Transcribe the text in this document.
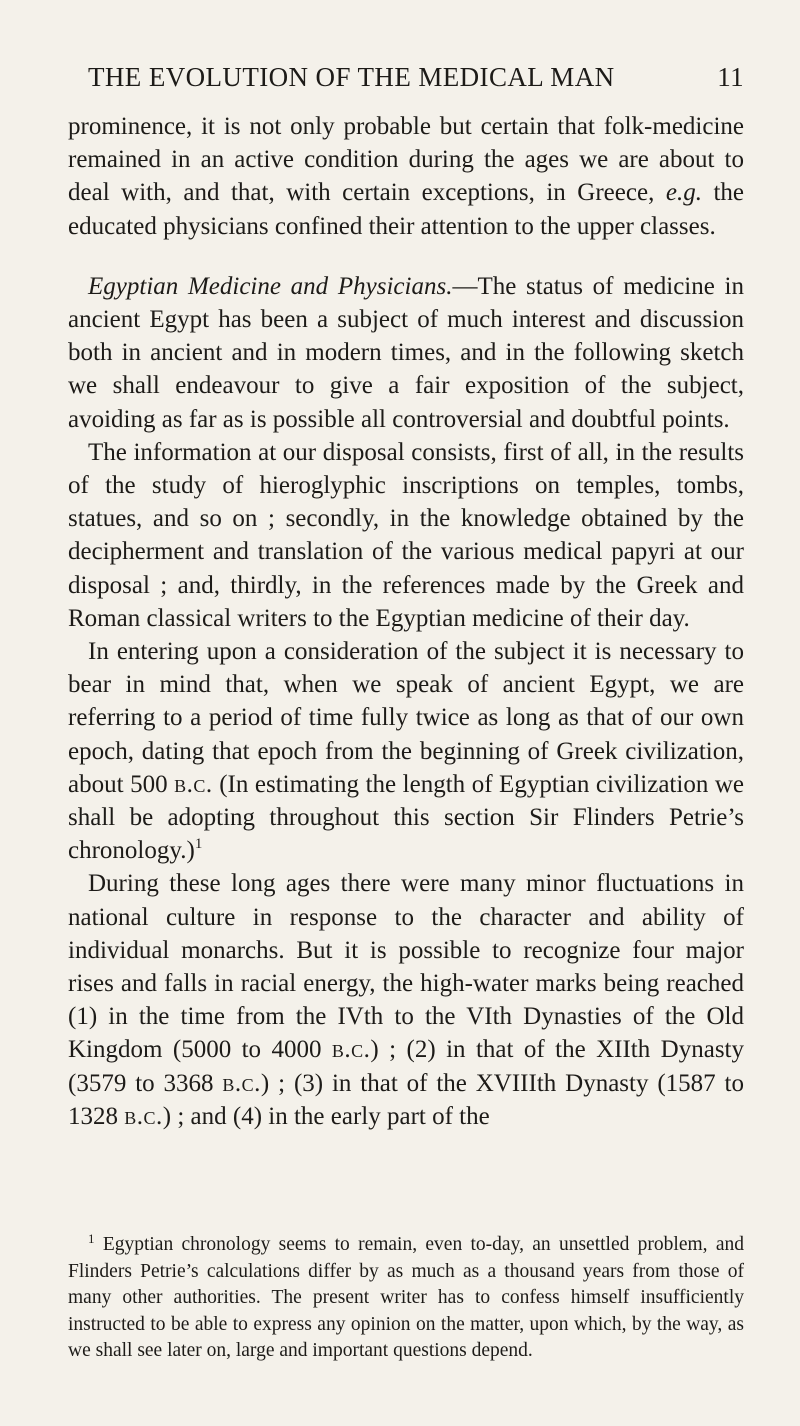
THE EVOLUTION OF THE MEDICAL MAN	11

prominence, it is not only probable but certain that folk-medicine remained in an active condition during the ages we are about to deal with, and that, with certain exceptions, in Greece, e.g. the educated physicians confined their attention to the upper classes.

Egyptian Medicine and Physicians.—The status of medicine in ancient Egypt has been a subject of much interest and discussion both in ancient and in modern times, and in the following sketch we shall endeavour to give a fair exposition of the subject, avoiding as far as is possible all controversial and doubtful points.

The information at our disposal consists, first of all, in the results of the study of hieroglyphic inscriptions on temples, tombs, statues, and so on ; secondly, in the knowledge obtained by the decipherment and translation of the various medical papyri at our disposal ; and, thirdly, in the references made by the Greek and Roman classical writers to the Egyptian medicine of their day.

In entering upon a consideration of the subject it is necessary to bear in mind that, when we speak of ancient Egypt, we are referring to a period of time fully twice as long as that of our own epoch, dating that epoch from the beginning of Greek civilization, about 500 b.c. (In estimating the length of Egyptian civilization we shall be adopting throughout this section Sir Flinders Petrie’s chronology.)$^1$

During these long ages there were many minor fluctuations in national culture in response to the character and ability of individual monarchs. But it is possible to recognize four major rises and falls in racial energy, the high-water marks being reached (1) in the time from the IVth to the VIth Dynasties of the Old Kingdom (5000 to 4000 b.c.) ; (2) in that of the XIIth Dynasty (3579 to 3368 b.c.) ; (3) in that of the XVIIIth Dynasty (1587 to 1328 b.c.) ; and (4) in the early part of the

$^1$ Egyptian chronology seems to remain, even to-day, an unsettled problem, and Flinders Petrie’s calculations differ by as much as a thousand years from those of many other authorities. The present writer has to confess himself insufficiently instructed to be able to express any opinion on the matter, upon which, by the way, as we shall see later on, large and important questions depend.
